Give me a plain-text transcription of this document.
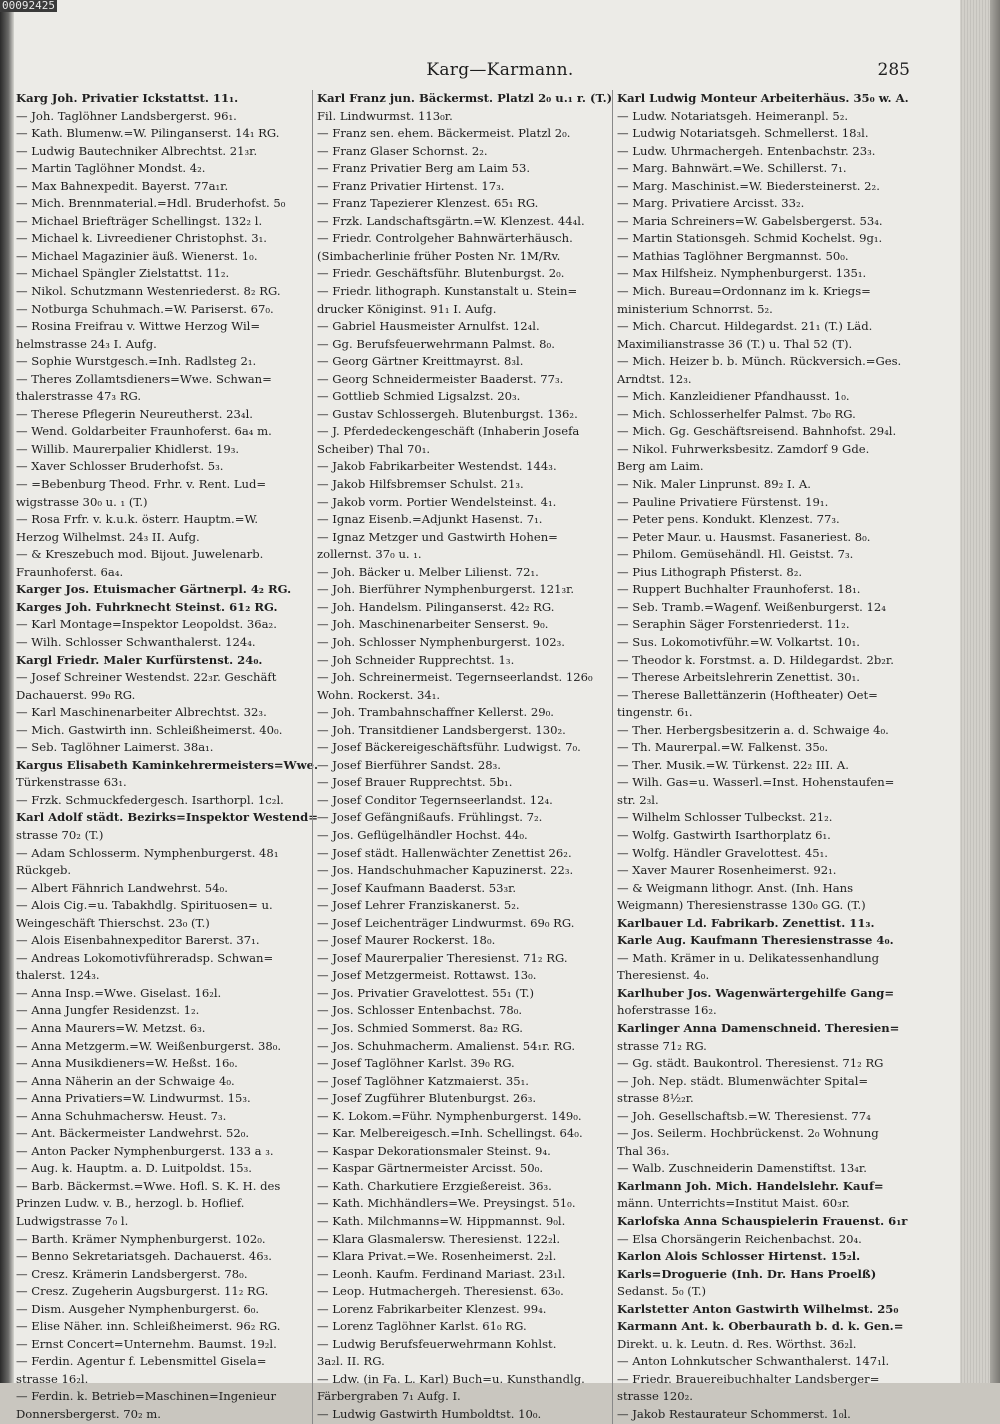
00092425
Karg—Karmann.	285
Karg Joh. Privatier Ickstattst. 11₁.
— Joh. Taglöhner Landsbergerst. 96₁.
— Kath. Blumenw.=W. Pilinganserst. 14₁ RG.
— Ludwig Bautechniker Albrechtst. 21₃r.
— Martin Taglöhner Mondst. 4₂.
— Max Bahnexpedit. Bayerst. 77a₁r.
— Mich. Brennmaterial.=Hdl. Bruderhofst. 5₀
— Michael Briefträger Schellingst. 132₂ l.
— Michael k. Livreediener Christophst. 3₁.
— Michael Magazinier äuß. Wienerst. 1₀.
— Michael Spängler Zielstattst. 11₂.
— Nikol. Schutzmann Westenriederst. 8₂ RG.
— Notburga Schuhmach.=W. Pariserst. 67₀.
— Rosina Freifrau v. Wittwe Herzog Wil=
helmstrasse 24₃ I. Aufg.
— Sophie Wurstgesch.=Inh. Radlsteg 2₁.
— Theres Zollamtsdieners=Wwe. Schwan=
thalerstrasse 47₃ RG.
— Therese Pflegerin Neureutherst. 23₄l.
— Wend. Goldarbeiter Fraunhoferst. 6a₄ m.
— Willib. Maurerpalier Khidlerst. 19₃.
— Xaver Schlosser Bruderhofst. 5₃.
— =Bebenburg Theod. Frhr. v. Rent. Lud=
wigstrasse 30₀ u. ₁ (T.)
— Rosa Frfr. v. k.u.k. österr. Hauptm.=W.
Herzog Wilhelmst. 24₃ II. Aufg.
— & Kreszebuch mod. Bijout. Juwelenarb.
Fraunhoferst. 6a₄.
Karger Jos. Etuismacher Gärtnerpl. 4₂ RG.
Karges Joh. Fuhrknecht Steinst. 61₂ RG.
— Karl Montage=Inspektor Leopoldst. 36a₂.
— Wilh. Schlosser Schwanthalerst. 124₄.
Kargl Friedr. Maler Kurfürstenst. 24₀.
— Josef Schreiner Westendst. 22₃r. Geschäft
Dachauerst. 99₀ RG.
— Karl Maschinenarbeiter Albrechtst. 32₃.
— Mich. Gastwirth inn. Schleißheimerst. 40₀.
— Seb. Taglöhner Laimerst. 38a₁.
Kargus Elisabeth Kaminkehrermeisters=Wwe.
Türkenstrasse 63₁.
— Frzk. Schmuckfedergesch. Isarthorpl. 1c₂l.
Karl Adolf städt. Bezirks=Inspektor Westend=
strasse 70₂ (T.)
— Adam Schlosserm. Nymphenburgerst. 48₁
Rückgeb.
— Albert Fähnrich Landwehrst. 54₀.
— Alois Cig.=u. Tabakhdlg. Spirituosen= u.
Weingeschäft Thierschst. 23₀ (T.)
— Alois Eisenbahnexpeditor Barerst. 37₁.
— Andreas Lokomotivführeradsp. Schwan=
thalerst. 124₃.
— Anna Insp.=Wwe. Giselast. 16₂l.
— Anna Jungfer Residenzst. 1₂.
— Anna Maurers=W. Metzst. 6₃.
— Anna Metzgerm.=W. Weißenburgerst. 38₀.
— Anna Musikdieners=W. Heßst. 16₀.
— Anna Näherin an der Schwaige 4₀.
— Anna Privatiers=W. Lindwurmst. 15₃.
— Anna Schuhmachersw. Heust. 7₃.
— Ant. Bäckermeister Landwehrst. 52₀.
— Anton Packer Nymphenburgerst. 133 a ₃.
— Aug. k. Hauptm. a. D. Luitpoldst. 15₃.
— Barb. Bäckermst.=Wwe. Hofl. S. K. H. des
Prinzen Ludw. v. B., herzogl. b. Hoflief.
Ludwigstrasse 7₀ l.
— Barth. Krämer Nymphenburgerst. 102₀.
— Benno Sekretariatsgeh. Dachauerst. 46₃.
— Cresz. Krämerin Landsbergerst. 78₀.
— Cresz. Zugeherin Augsburgerst. 11₂ RG.
— Dism. Ausgeher Nymphenburgerst. 6₀.
— Elise Näher. inn. Schleißheimerst. 96₂ RG.
— Ernst Concert=Unternehm. Baumst. 19₂l.
— Ferdin. Agentur f. Lebensmittel Gisela=
strasse 16₂l.
— Ferdin. k. Betrieb=Maschinen=Ingenieur
Donnersbergerst. 70₂ m.
Karl Franz jun. Bäckermst. Platzl 2₀ u.₁ r. (T.)
Fil. Lindwurmst. 113₀r.
— Franz sen. ehem. Bäckermeist. Platzl 2₀.
— Franz Glaser Schornst. 2₂.
— Franz Privatier Berg am Laim 53.
— Franz Privatier Hirtenst. 17₃.
— Franz Tapezierer Klenzest. 65₁ RG.
— Frzk. Landschaftsgärtn.=W. Klenzest. 44₄l.
— Friedr. Controlgeher Bahnwärterhäusch.
(Simbacherlinie früher Posten Nr. 1M/Rv.
— Friedr. Geschäftsführ. Blutenburgst. 2₀.
— Friedr. lithograph. Kunstanstalt u. Stein=
drucker Königinst. 91₁ I. Aufg.
— Gabriel Hausmeister Arnulfst. 12₄l.
— Gg. Berufsfeuerwehrmann Palmst. 8₀.
— Georg Gärtner Kreittmayrst. 8₃l.
— Georg Schneidermeister Baaderst. 77₃.
— Gottlieb Schmied Ligsalzst. 20₃.
— Gustav Schlossergeh. Blutenburgst. 136₂.
— J. Pferdedeckengeschäft (Inhaberin Josefa
Scheiber) Thal 70₁.
— Jakob Fabrikarbeiter Westendst. 144₃.
— Jakob Hilfsbremser Schulst. 21₃.
— Jakob vorm. Portier Wendelsteinst. 4₁.
— Ignaz Eisenb.=Adjunkt Hasenst. 7₁.
— Ignaz Metzger und Gastwirth Hohen=
zollernst. 37₀ u. ₁.
— Joh. Bäcker u. Melber Lilienst. 72₁.
— Joh. Bierführer Nymphenburgerst. 121₃r.
— Joh. Handelsm. Pilinganserst. 42₂ RG.
— Joh. Maschinenarbeiter Senserst. 9₀.
— Joh. Schlosser Nymphenburgerst. 102₃.
— Joh Schneider Rupprechtst. 1₃.
— Joh. Schreinermeist. Tegernseerlandst. 126₀
Wohn. Rockerst. 34₁.
— Joh. Trambahnschaffner Kellerst. 29₀.
— Joh. Transitdiener Landsbergerst. 130₂.
— Josef Bäckereigeschäftsführ. Ludwigst. 7₀.
— Josef Bierführer Sandst. 28₃.
— Josef Brauer Rupprechtst. 5b₁.
— Josef Conditor Tegernseerlandst. 12₄.
— Josef Gefängnißaufs. Frühlingst. 7₂.
— Jos. Geflügelhändler Hochst. 44₀.
— Josef städt. Hallenwächter Zenettist 26₂.
— Jos. Handschuhmacher Kapuzinerst. 22₃.
— Josef Kaufmann Baaderst. 53₃r.
— Josef Lehrer Franziskanerst. 5₂.
— Josef Leichenträger Lindwurmst. 69₀ RG.
— Josef Maurer Rockerst. 18₀.
— Josef Maurerpalier Theresienst. 71₂ RG.
— Josef Metzgermeist. Rottawst. 13₀.
— Jos. Privatier Gravelottest. 55₁ (T.)
— Jos. Schlosser Entenbachst. 78₀.
— Jos. Schmied Sommerst. 8a₂ RG.
— Jos. Schuhmacherm. Amalienst. 54₁r. RG.
— Josef Taglöhner Karlst. 39₀ RG.
— Josef Taglöhner Katzmaierst. 35₁.
— Josef Zugführer Blutenburgst. 26₃.
— K. Lokom.=Führ. Nymphenburgerst. 149₀.
— Kar. Melbereigesch.=Inh. Schellingst. 64₀.
— Kaspar Dekorationsmaler Steinst. 9₄.
— Kaspar Gärtnermeister Arcisst. 50₀.
— Kath. Charkutiere Erzgießereist. 36₃.
— Kath. Michhändlers=We. Preysingst. 51₀.
— Kath. Milchmanns=W. Hippmannst. 9₀l.
— Klara Glasmalersw. Theresienst. 122₂l.
— Klara Privat.=We. Rosenheimerst. 2₂l.
— Leonh. Kaufm. Ferdinand Mariast. 23₁l.
— Leop. Hutmachergeh. Theresienst. 63₀.
— Lorenz Fabrikarbeiter Klenzest. 99₄.
— Lorenz Taglöhner Karlst. 61₀ RG.
— Ludwig Berufsfeuerwehrmann Kohlst.
3a₂l. II. RG.
— Ldw. (in Fa. L. Karl) Buch=u. Kunsthandlg.
Färbergraben 7₁ Aufg. I.
— Ludwig Gastwirth Humboldtst. 10₀.
Karl Ludwig Monteur Arbeiterhäus. 35₀ w. A.
— Ludw. Notariatsgeh. Heimeranpl. 5₂.
— Ludwig Notariatsgeh. Schmellerst. 18₃l.
— Ludw. Uhrmachergeh. Entenbachstr. 23₃.
— Marg. Bahnwärt.=We. Schillerst. 7₁.
— Marg. Maschinist.=W. Biedersteinerst. 2₂.
— Marg. Privatiere Arcisst. 33₂.
— Maria Schreiners=W. Gabelsbergerst. 53₄.
— Martin Stationsgeh. Schmid Kochelst. 9g₁.
— Mathias Taglöhner Bergmannst. 50₀.
— Max Hilfsheiz. Nymphenburgerst. 135₁.
— Mich. Bureau=Ordonnanz im k. Kriegs=
ministerium Schnorrst. 5₂.
— Mich. Charcut. Hildegardst. 21₁ (T.) Läd.
Maximilianstrasse 36 (T.) u. Thal 52 (T).
— Mich. Heizer b. b. Münch. Rückversich.=Ges.
Arndtst. 12₃.
— Mich. Kanzleidiener Pfandhausst. 1₀.
— Mich. Schlosserhelfer Palmst. 7b₀ RG.
— Mich. Gg. Geschäftsreisend. Bahnhofst. 29₄l.
— Nikol. Fuhrwerksbesitz. Zamdorf 9 Gde.
Berg am Laim.
— Nik. Maler Linprunst. 89₂ I. A.
— Pauline Privatiere Fürstenst. 19₁.
— Peter pens. Kondukt. Klenzest. 77₃.
— Peter Maur. u. Hausmst. Fasaneriest. 8₀.
— Philom. Gemüsehändl. Hl. Geistst. 7₃.
— Pius Lithograph Pfisterst. 8₂.
— Ruppert Buchhalter Fraunhoferst. 18₁.
— Seb. Tramb.=Wagenf. Weißenburgerst. 12₄
— Seraphin Säger Forstenriederst. 11₂.
— Sus. Lokomotivführ.=W. Volkartst. 10₁.
— Theodor k. Forstmst. a. D. Hildegardst. 2b₂r.
— Therese Arbeitslehrerin Zenettist. 30₁.
— Therese Ballettänzerin (Hoftheater) Oet=
tingenstr. 6₁.
— Ther. Herbergsbesitzerin a. d. Schwaige 4₀.
— Th. Maurerpal.=W. Falkenst. 35₀.
— Ther. Musik.=W. Türkenst. 22₂ III. A.
— Wilh. Gas=u. Wasserl.=Inst. Hohenstaufen=
str. 2₃l.
— Wilhelm Schlosser Tulbeckst. 21₂.
— Wolfg. Gastwirth Isarthorplatz 6₁.
— Wolfg. Händler Gravelottest. 45₁.
— Xaver Maurer Rosenheimerst. 92₁.
— & Weigmann lithogr. Anst. (Inh. Hans
Weigmann) Theresienstrasse 130₀ GG. (T.)
Karlbauer Ld. Fabrikarb. Zenettist. 11₃.
Karle Aug. Kaufmann Theresienstrasse 4₀.
— Math. Krämer in u. Delikatessenhandlung
Theresienst. 4₀.
Karlhuber Jos. Wagenwärtergehilfe Gang=
hoferstrasse 16₂.
Karlinger Anna Damenschneid. Theresien=
strasse 71₂ RG.
— Gg. städt. Baukontrol. Theresienst. 71₂ RG
— Joh. Nep. städt. Blumenwächter Spital=
strasse 8½₂r.
— Joh. Gesellschaftsb.=W. Theresienst. 77₄
— Jos. Seilerm. Hochbrückenst. 2₀ Wohnung
Thal 36₃.
— Walb. Zuschneiderin Damenstiftst. 13₄r.
Karlmann Joh. Mich. Handelslehr. Kauf=
männ. Unterrichts=Institut Maist. 60₃r.
Karlofska Anna Schauspielerin Frauenst. 6₁r
— Elsa Chorsängerin Reichenbachst. 20₄.
Karlon Alois Schlosser Hirtenst. 15₂l.
Karls=Droguerie (Inh. Dr. Hans Proelß)
Sedanst. 5₀ (T.)
Karlstetter Anton Gastwirth Wilhelmst. 25₀
Karmann Ant. k. Oberbaurath b. d. k. Gen.=
Direkt. u. k. Leutn. d. Res. Wörthst. 36₂l.
— Anton Lohnkutscher Schwanthalerst. 147₁l.
— Friedr. Brauereibuchhalter Landsberger=
strasse 120₂.
— Jakob Restaurateur Schommerst. 1₀l.
